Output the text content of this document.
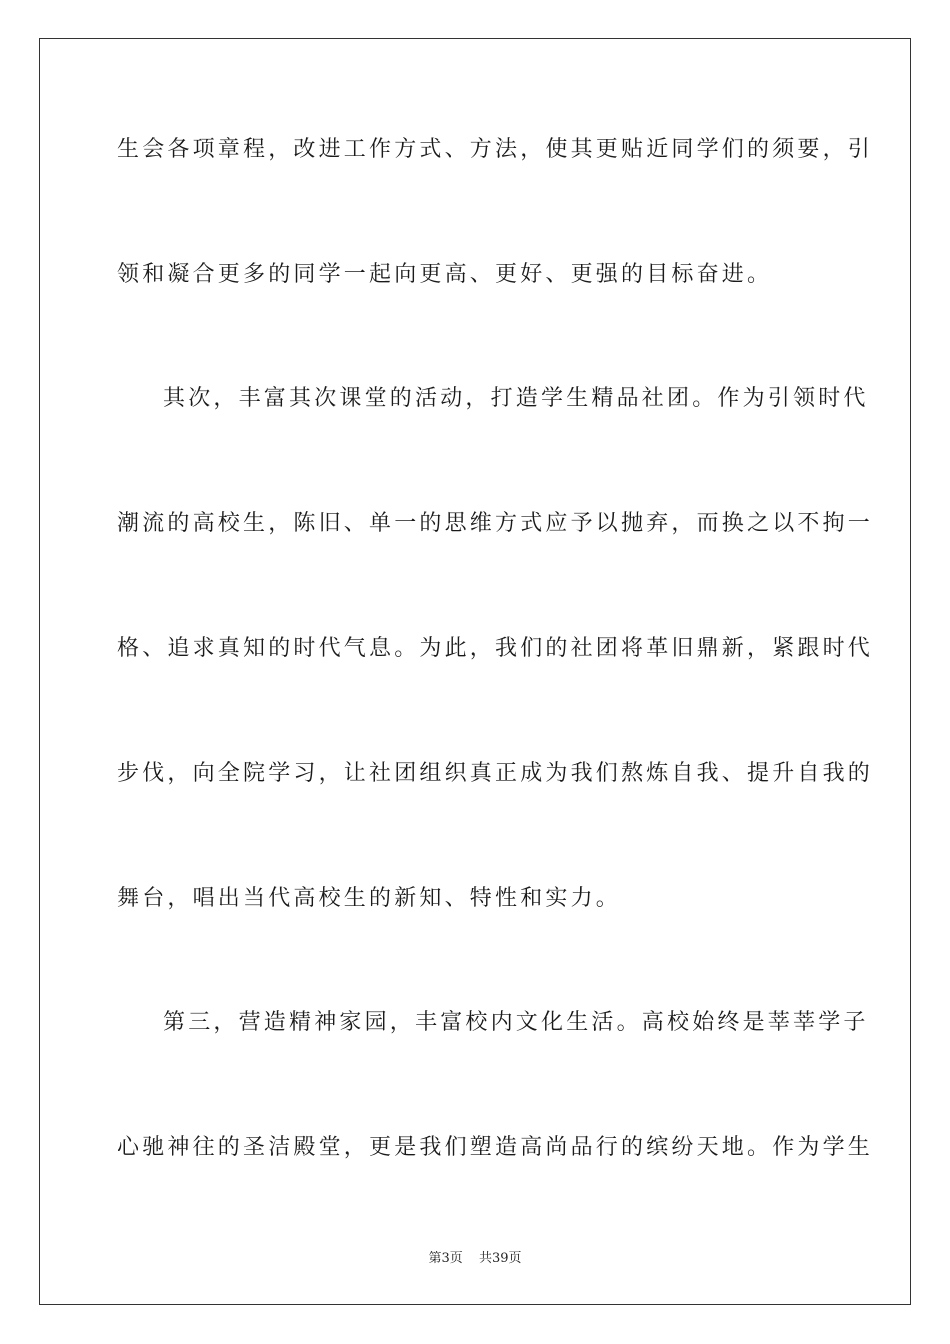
生会各项章程，改进工作方式、方法，使其更贴近同学们的须要，引
领和凝合更多的同学一起向更高、更好、更强的目标奋进。
其次，丰富其次课堂的活动，打造学生精品社团。作为引领时代
潮流的高校生，陈旧、单一的思维方式应予以抛弃，而换之以不拘一
格、追求真知的时代气息。为此，我们的社团将革旧鼎新，紧跟时代
步伐，向全院学习，让社团组织真正成为我们熬炼自我、提升自我的
舞台，唱出当代高校生的新知、特性和实力。
第三，营造精神家园，丰富校内文化生活。高校始终是莘莘学子
心驰神往的圣洁殿堂，更是我们塑造高尚品行的缤纷天地。作为学生
第3页 共39页
